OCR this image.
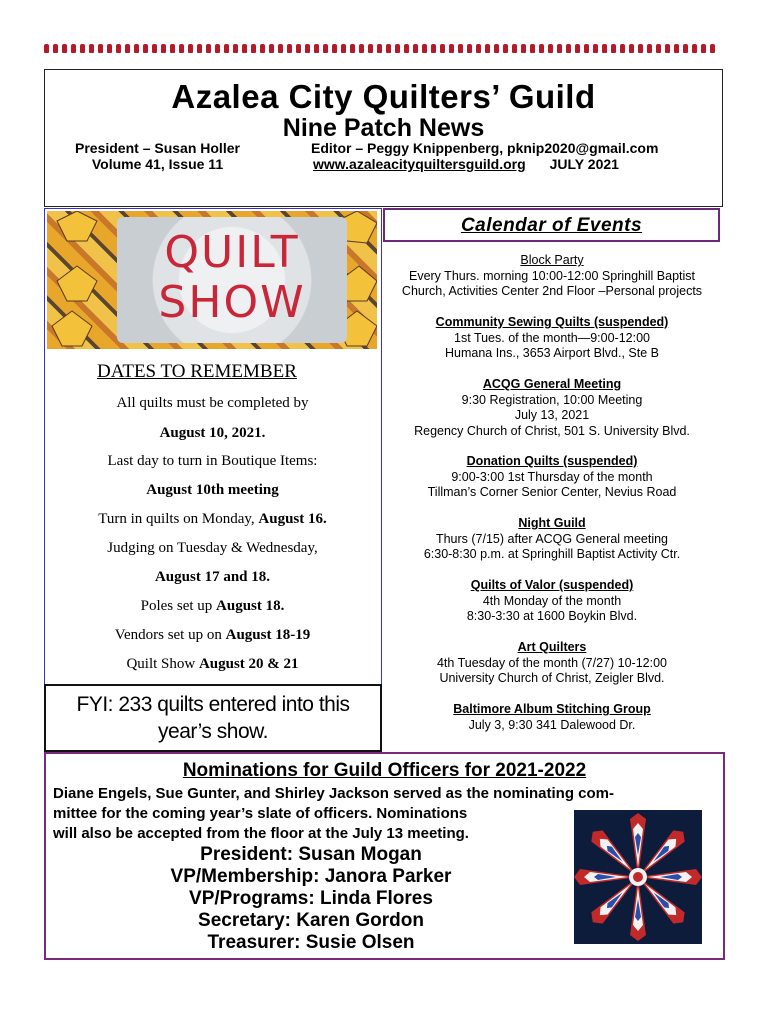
Azalea City Quilters’ Guild
Nine Patch News
President – Susan Holler
Volume 41, Issue 11
Editor – Peggy Knippenberg, pknip2020@gmail.com
www.azaleacityquiltersguild.org JULY 2021
QUILT
SHOW
DATES TO REMEMBER
All quilts must be completed by
August 10, 2021.
Last day to turn in Boutique Items:
August 10th meeting
Turn in quilts on Monday, August 16.
Judging on Tuesday & Wednesday,
August 17 and 18.
Poles set up August 18.
Vendors set up on August 18-19
Quilt Show August 20 & 21
FYI: 233 quilts entered into this
year’s show.
Calendar of Events
Block Party
Every Thurs. morning 10:00-12:00 Springhill Baptist
Church, Activities Center 2nd Floor –Personal projects
Community Sewing Quilts (suspended)
1st Tues. of the month—9:00-12:00
Humana Ins., 3653 Airport Blvd., Ste B
ACQG General Meeting
9:30 Registration, 10:00 Meeting
July 13, 2021
Regency Church of Christ, 501 S. University Blvd.
Donation Quilts (suspended)
9:00-3:00 1st Thursday of the month
Tillman’s Corner Senior Center, Nevius Road
Night Guild
Thurs (7/15) after ACQG General meeting
6:30-8:30 p.m. at Springhill Baptist Activity Ctr.
Quilts of Valor (suspended)
4th Monday of the month
8:30-3:30 at 1600 Boykin Blvd.
Art Quilters
4th Tuesday of the month (7/27) 10-12:00
University Church of Christ, Zeigler Blvd.
Baltimore Album Stitching Group
July 3, 9:30 341 Dalewood Dr.
Nominations for Guild Officers for 2021-2022
Diane Engels, Sue Gunter, and Shirley Jackson served as the nominating com-
mittee for the coming year’s slate of officers. Nominations
will also be accepted from the floor at the July 13 meeting.
President: Susan Mogan
VP/Membership: Janora Parker
VP/Programs: Linda Flores
Secretary: Karen Gordon
Treasurer: Susie Olsen
